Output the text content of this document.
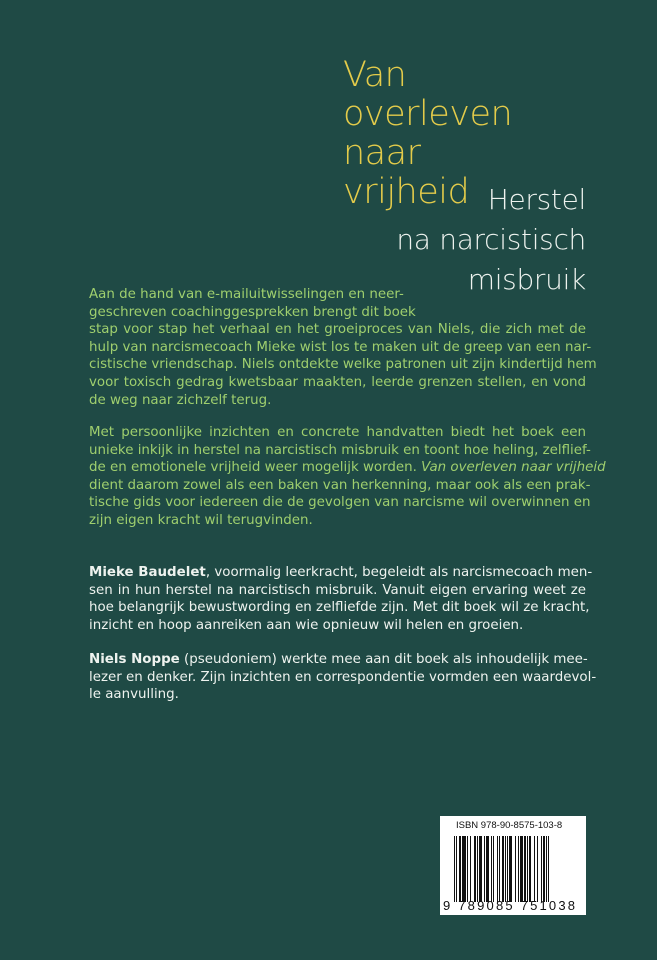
Van
overleven
naar
vrijheid Herstel
na narcistisch
misbruik
Aan de hand van e-mailuitwisselingen en neer-
geschreven coachinggesprekken brengt dit boek
stap voor stap het verhaal en het groeiproces van Niels, die zich met de
hulp van narcismecoach Mieke wist los te maken uit de greep van een nar-
cistische vriendschap. Niels ontdekte welke patronen uit zijn kindertijd hem
voor toxisch gedrag kwetsbaar maakten, leerde grenzen stellen, en vond
de weg naar zichzelf terug.
Met persoonlijke inzichten en concrete handvatten biedt het boek een
unieke inkijk in herstel na narcistisch misbruik en toont hoe heling, zelflief-
de en emotionele vrijheid weer mogelijk worden. Van overleven naar vrijheid
dient daarom zowel als een baken van herkenning, maar ook als een prak-
tische gids voor iedereen die de gevolgen van narcisme wil overwinnen en
zijn eigen kracht wil terugvinden.
Mieke Baudelet, voormalig leerkracht, begeleidt als narcismecoach men-
sen in hun herstel na narcistisch misbruik. Vanuit eigen ervaring weet ze
hoe belangrijk bewustwording en zelfliefde zijn. Met dit boek wil ze kracht,
inzicht en hoop aanreiken aan wie opnieuw wil helen en groeien.
Niels Noppe (pseudoniem) werkte mee aan dit boek als inhoudelijk mee-
lezer en denker. Zijn inzichten en correspondentie vormden een waardevol-
le aanvulling.
ISBN 978-90-8575-103-8
9 789085 751038
